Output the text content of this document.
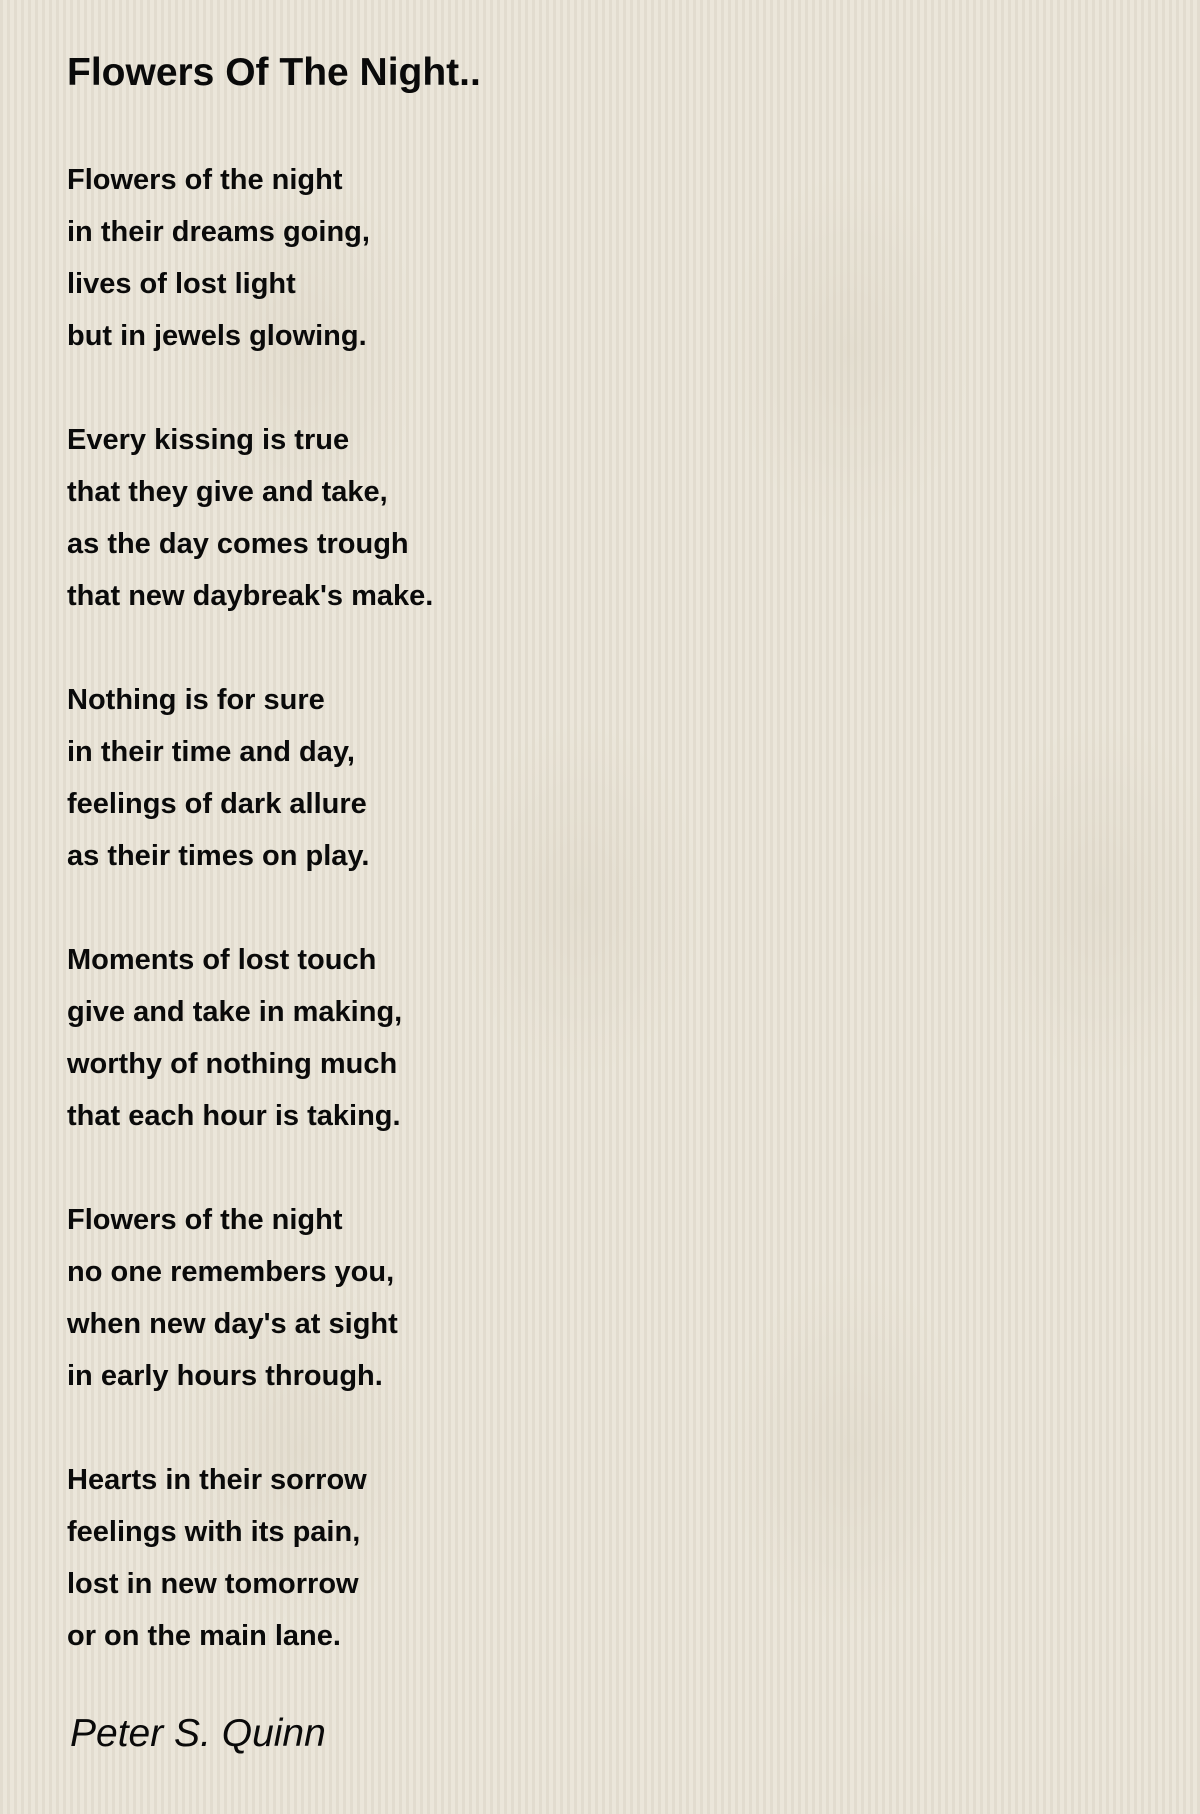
Flowers Of The Night..
Flowers of the night
in their dreams going,
lives of lost light
but in jewels glowing.
Every kissing is true
that they give and take,
as the day comes trough
that new daybreak's make.
Nothing is for sure
in their time and day,
feelings of dark allure
as their times on play.
Moments of lost touch
give and take in making,
worthy of nothing much
that each hour is taking.
Flowers of the night
no one remembers you,
when new day's at sight
in early hours through.
Hearts in their sorrow
feelings with its pain,
lost in new tomorrow
or on the main lane.
Peter S. Quinn
